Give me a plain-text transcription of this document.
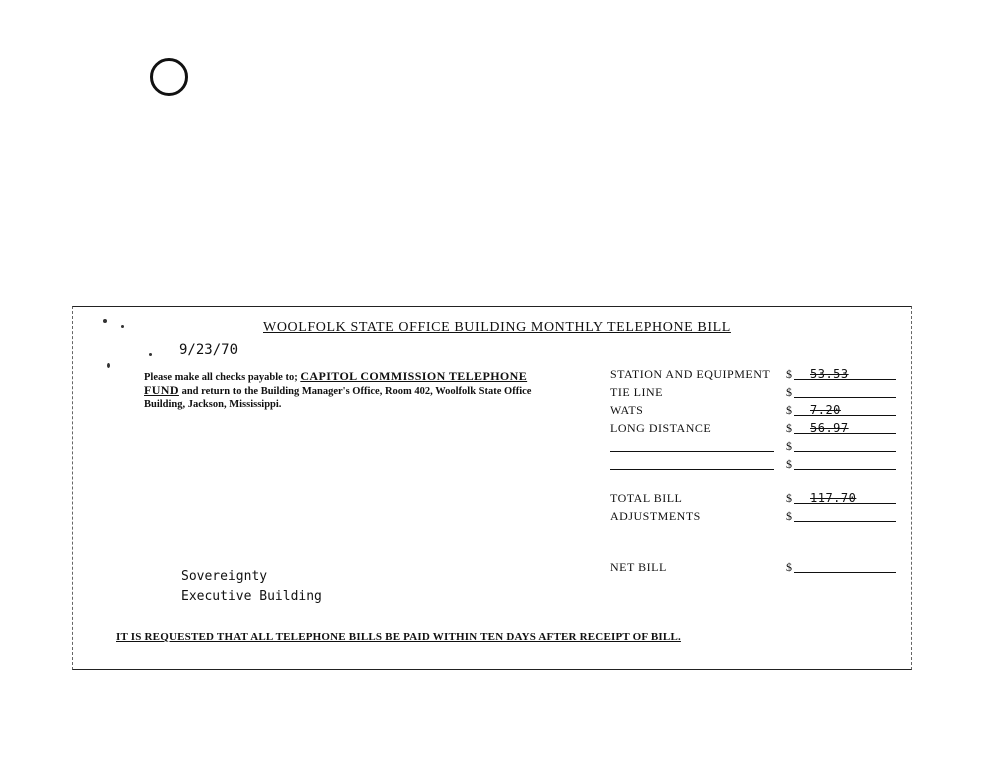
WOOLFOLK STATE OFFICE BUILDING MONTHLY TELEPHONE BILL
9/23/70
Please make all checks payable to; CAPITOL COMMISSION TELEPHONE FUND and return to the Building Manager's Office, Room 402, Woolfolk State Office Building, Jackson, Mississippi.
STATION AND EQUIPMENT $ 53.53
TIE LINE	$
WATS	$ 7.20
LONG DISTANCE	$ 56.97
$
$
TOTAL BILL	$ 117.70
ADJUSTMENTS	$
NET BILL	$
Sovereignty
Executive Building
IT IS REQUESTED THAT ALL TELEPHONE BILLS BE PAID WITHIN TEN DAYS AFTER RECEIPT OF BILL.
